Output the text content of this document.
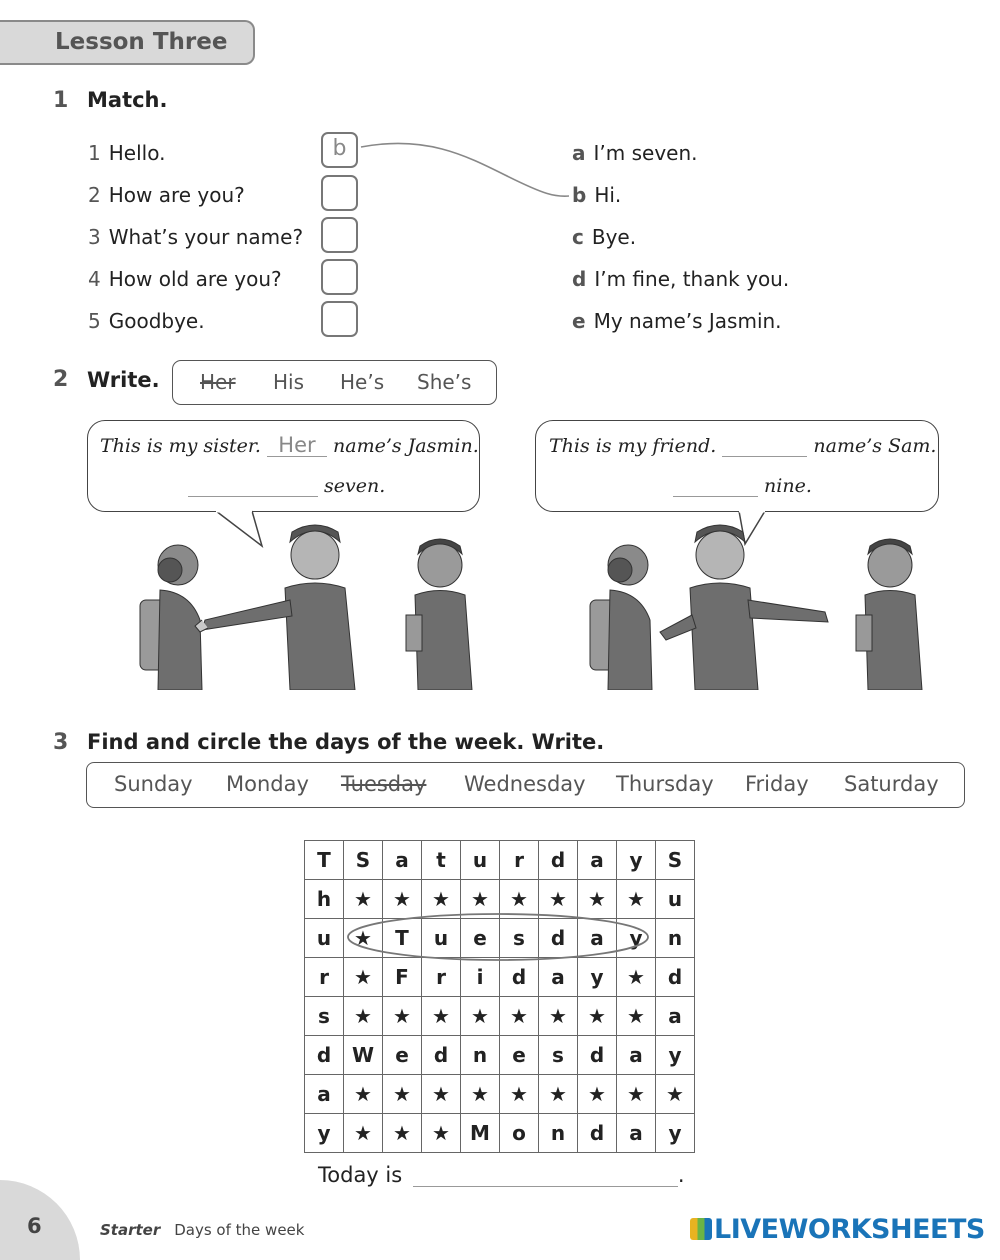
Lesson Three
1 Match.
1 Hello.
2 How are you?
3 What’s your name?
4 How old are you?
5 Goodbye.
b	a I’m seven.
b Hi.
c Bye.
d I’m fine, thank you.
e My name’s Jasmin.
2 Write. Her His He’s She’s
This is my sister. Her name’s Jasmin.
seven.
This is my friend.	name’s Sam.
nine.
3 Find and circle the days of the week. Write.
Sunday Monday Tuesday Wednesday Thursday Friday Saturday
T	S	a	t	u	r	d	a	y	S
h	★	★	★	★	★	★	★	★	u
u	★	T	u	e	s	d	a	y	n
r	★	F	r	i	d	a	y	★	d
s	★	★	★	★	★	★	★	★	a
d	W	e	d	n	e	s	d	a	y
a	★	★	★	★	★	★	★	★	★
y	★	★	★	M	o	n	d	a	y
Today is	.
6	Starter Days of the week	LIVEWORKSHEETS
